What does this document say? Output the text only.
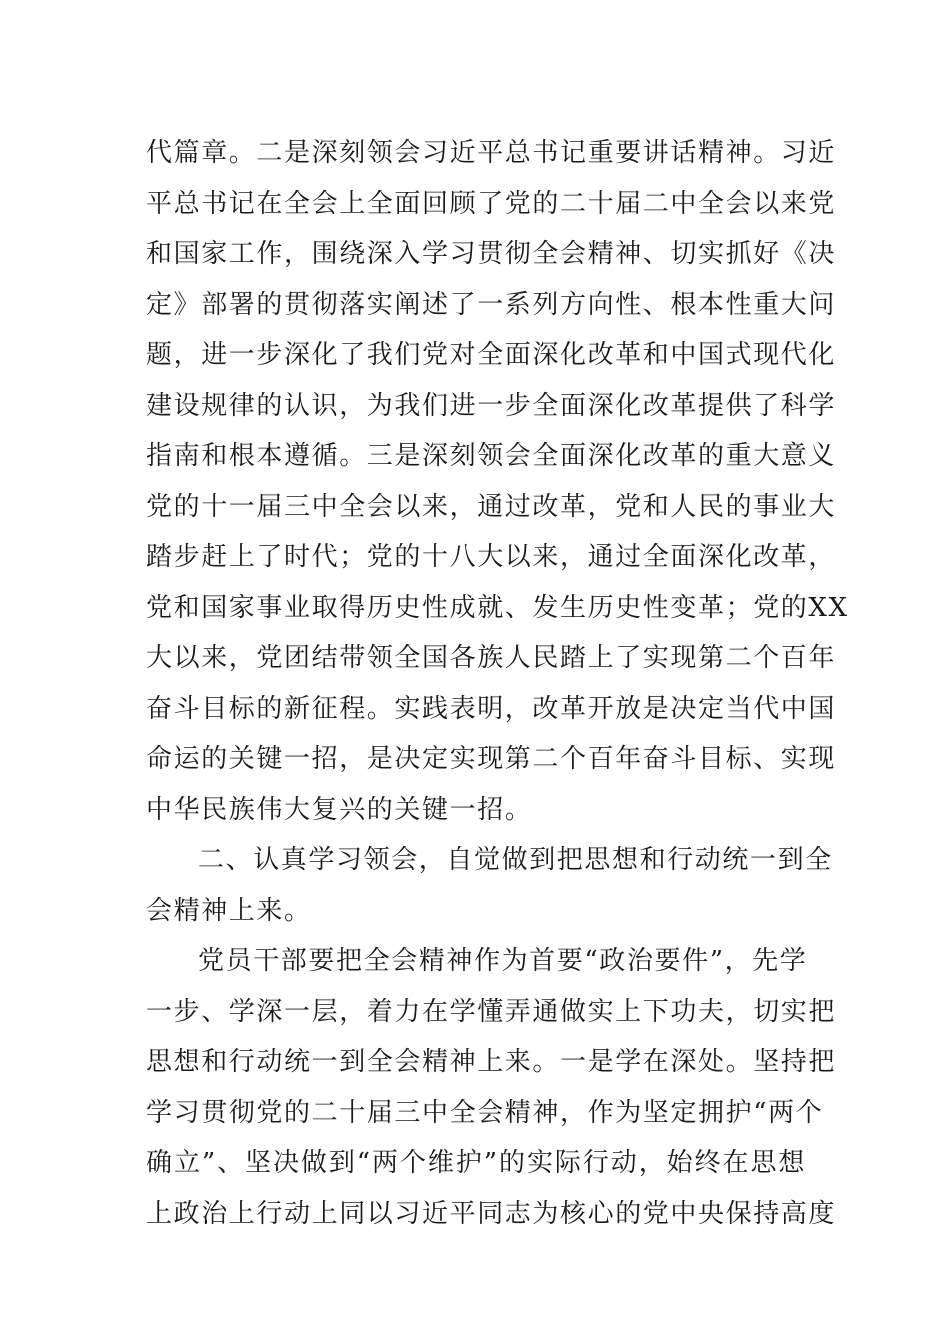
代篇章。二是深刻领会习近平总书记重要讲话精神。习近
平总书记在全会上全面回顾了党的二十届二中全会以来党
和国家工作，围绕深入学习贯彻全会精神、切实抓好《决
定》部署的贯彻落实阐述了一系列方向性、根本性重大问
题，进一步深化了我们党对全面深化改革和中国式现代化
建设规律的认识，为我们进一步全面深化改革提供了科学
指南和根本遵循。三是深刻领会全面深化改革的重大意义
党的十一届三中全会以来，通过改革，党和人民的事业大
踏步赶上了时代；党的十八大以来，通过全面深化改革，
党和国家事业取得历史性成就、发生历史性变革；党的XX
大以来，党团结带领全国各族人民踏上了实现第二个百年
奋斗目标的新征程。实践表明，改革开放是决定当代中国
命运的关键一招，是决定实现第二个百年奋斗目标、实现
中华民族伟大复兴的关键一招。
二、认真学习领会，自觉做到把思想和行动统一到全
会精神上来。
党员干部要把全会精神作为首要“政治要件”，先学
一步、学深一层，着力在学懂弄通做实上下功夫，切实把
思想和行动统一到全会精神上来。一是学在深处。坚持把
学习贯彻党的二十届三中全会精神，作为坚定拥护“两个
确立”、坚决做到“两个维护”的实际行动，始终在思想
上政治上行动上同以习近平同志为核心的党中央保持高度
